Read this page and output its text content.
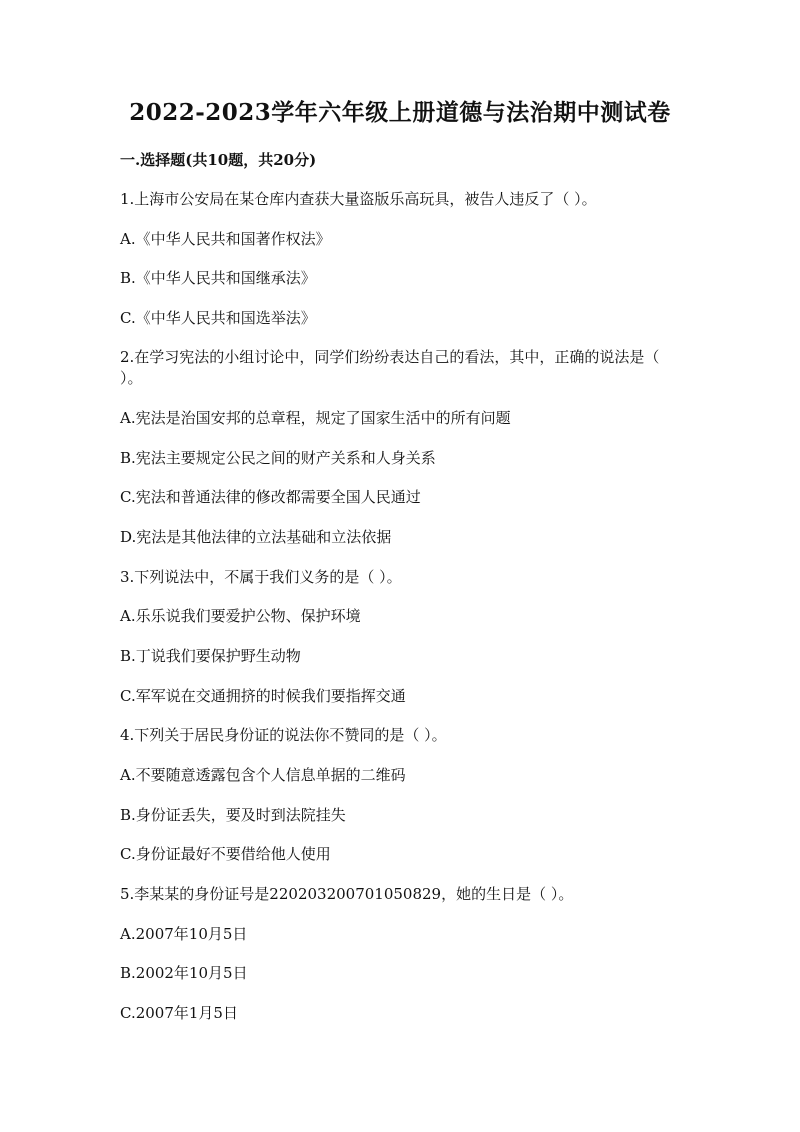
2022-2023学年六年级上册道德与法治期中测试卷
一.选择题(共10题，共20分)
1.上海市公安局在某仓库内查获大量盗版乐高玩具，被告人违反了（ ）。
A.《中华人民共和国著作权法》
B.《中华人民共和国继承法》
C.《中华人民共和国选举法》
2.在学习宪法的小组讨论中，同学们纷纷表达自己的看法，其中，正确的说法是（ ）。
A.宪法是治国安邦的总章程，规定了国家生活中的所有问题
B.宪法主要规定公民之间的财产关系和人身关系
C.宪法和普通法律的修改都需要全国人民通过
D.宪法是其他法律的立法基础和立法依据
3.下列说法中，不属于我们义务的是（ ）。
A.乐乐说我们要爱护公物、保护环境
B.丁说我们要保护野生动物
C.军军说在交通拥挤的时候我们要指挥交通
4.下列关于居民身份证的说法你不赞同的是（ ）。
A.不要随意透露包含个人信息单据的二维码
B.身份证丢失，要及时到法院挂失
C.身份证最好不要借给他人使用
5.李某某的身份证号是220203200701050829，她的生日是（ ）。
A.2007年10月5日
B.2002年10月5日
C.2007年1月5日
